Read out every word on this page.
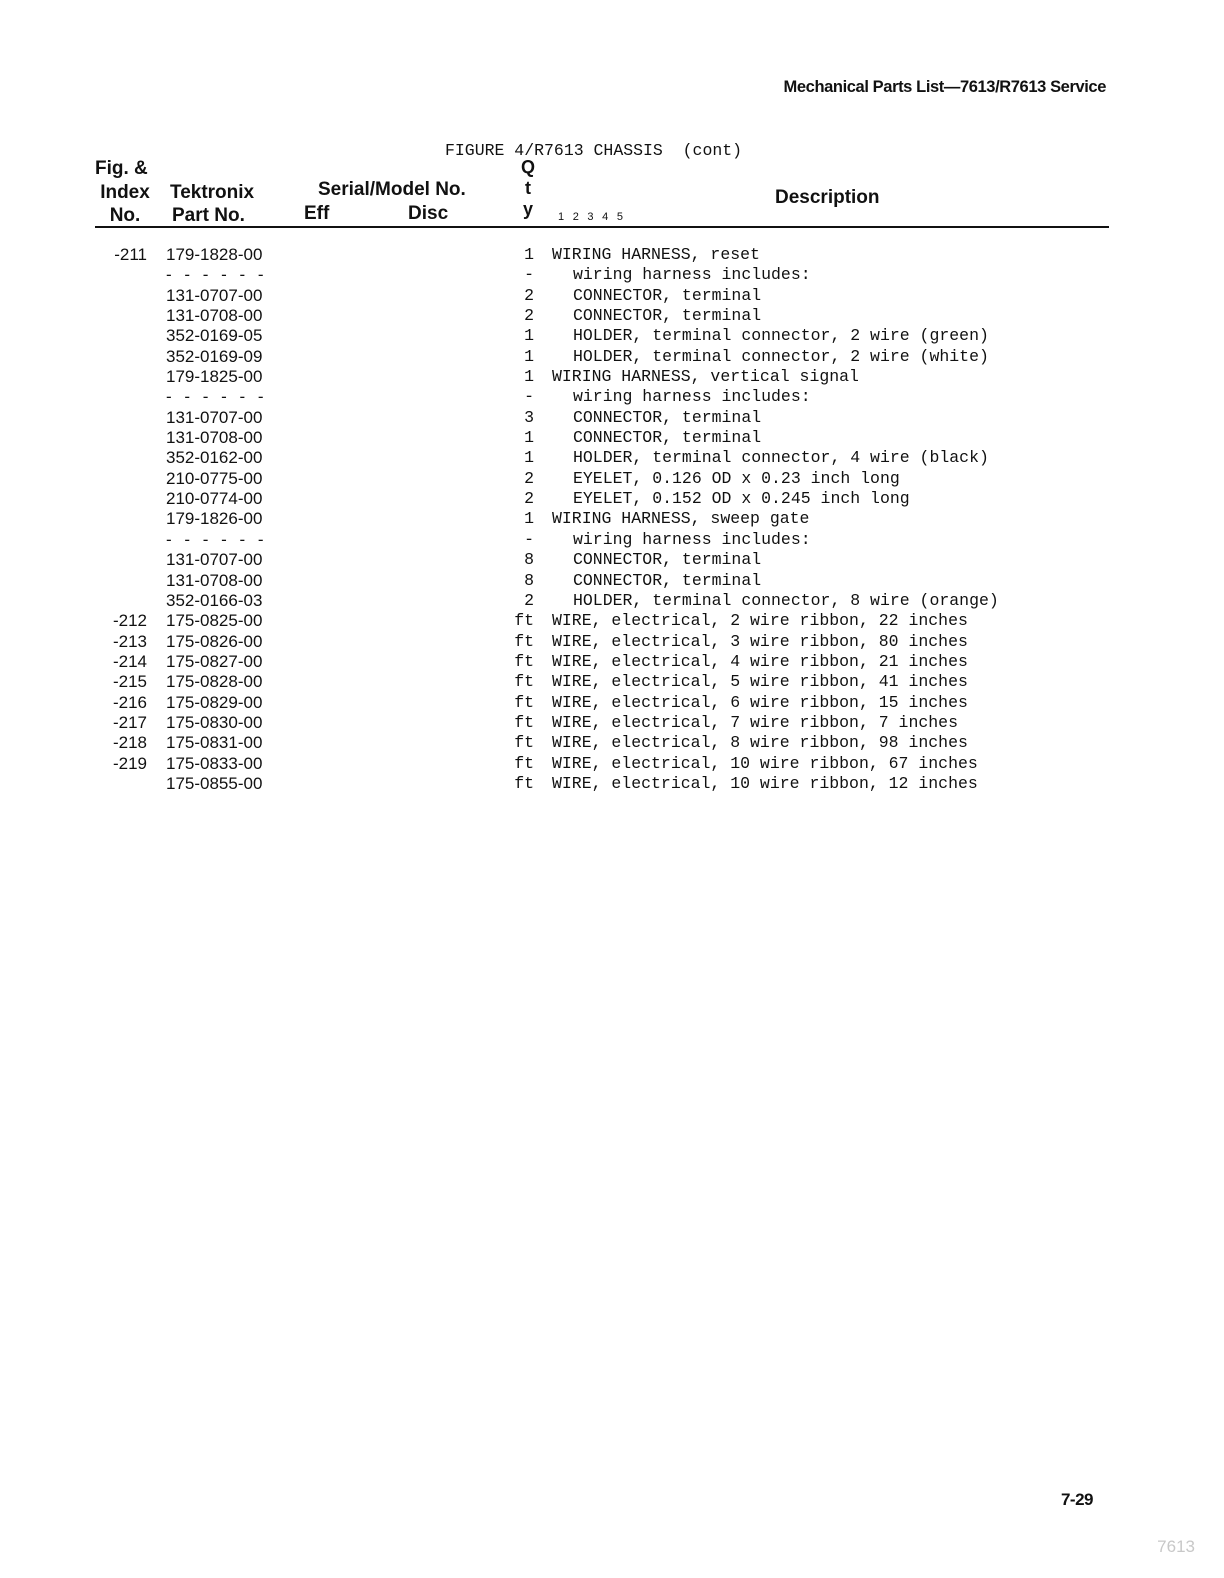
Mechanical Parts List—7613/R7613 Service
FIGURE 4/R7613 CHASSIS  (cont)
Fig. &
Index
No.
Tektronix
Part No.
Serial/Model No.
Eff	Disc
Q
t
y	12345
Description
-211 179-1828-00	1 WIRING HARNESS, reset
- - - - - -	- wiring harness includes:
131-0707-00	2 CONNECTOR, terminal
131-0708-00	2 CONNECTOR, terminal
352-0169-05	1 HOLDER, terminal connector, 2 wire (green)
352-0169-09	1 HOLDER, terminal connector, 2 wire (white)
179-1825-00	1 WIRING HARNESS, vertical signal
- - - - - -	- wiring harness includes:
131-0707-00	3 CONNECTOR, terminal
131-0708-00	1 CONNECTOR, terminal
352-0162-00	1 HOLDER, terminal connector, 4 wire (black)
210-0775-00	2 EYELET, 0.126 OD x 0.23 inch long
210-0774-00	2 EYELET, 0.152 OD x 0.245 inch long
179-1826-00	1 WIRING HARNESS, sweep gate
- - - - - -	- wiring harness includes:
131-0707-00	8 CONNECTOR, terminal
131-0708-00	8 CONNECTOR, terminal
352-0166-03	2 HOLDER, terminal connector, 8 wire (orange)
-212 175-0825-00	ft WIRE, electrical, 2 wire ribbon, 22 inches
-213 175-0826-00	ft WIRE, electrical, 3 wire ribbon, 80 inches
-214 175-0827-00	ft WIRE, electrical, 4 wire ribbon, 21 inches
-215 175-0828-00	ft WIRE, electrical, 5 wire ribbon, 41 inches
-216 175-0829-00	ft WIRE, electrical, 6 wire ribbon, 15 inches
-217 175-0830-00	ft WIRE, electrical, 7 wire ribbon, 7 inches
-218 175-0831-00	ft WIRE, electrical, 8 wire ribbon, 98 inches
-219 175-0833-00	ft WIRE, electrical, 10 wire ribbon, 67 inches
175-0855-00	ft WIRE, electrical, 10 wire ribbon, 12 inches
7-29
7613
